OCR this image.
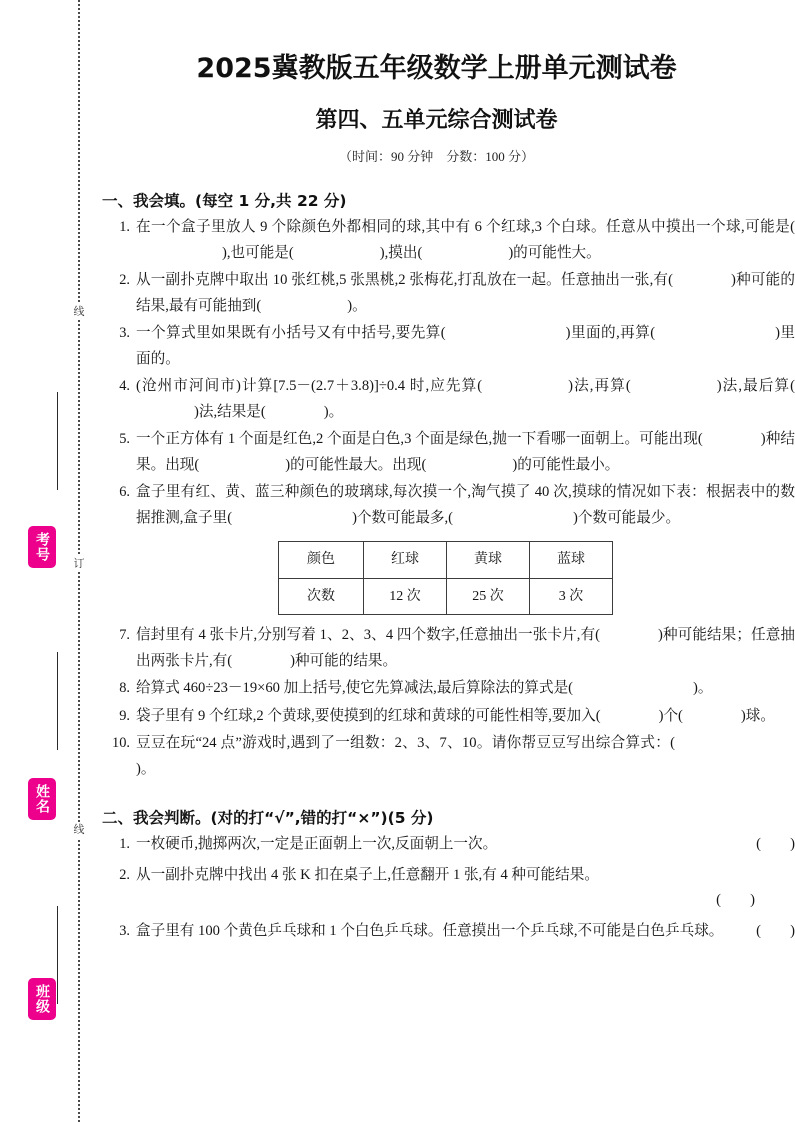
线
订
线
考号
姓名
班级
2025冀教版五年级数学上册单元测试卷
第四、五单元综合测试卷
（时间：90 分钟　分数：100 分）
一、我会填。(每空 1 分,共 22 分)
1. 在一个盒子里放人 9 个除颜色外都相同的球,其中有 6 个红球,3 个白球。任意从中摸出一个球,可能是(),也可能是(	),摸出(	)的可能性大。
2. 从一副扑克牌中取出 10 张红桃,5 张黑桃,2 张梅花,打乱放在一起。任意抽出一张,有(	)种可能的结果,最有可能抽到(	)。
3. 一个算式里如果既有小括号又有中括号,要先算(	)里面的,再算(	)里面的。
4. (沧州市河间市)计算[7.5－(2.7＋3.8)]÷0.4 时,应先算(	)法,再算(	)法,最后算()法,结果是(	)。
5. 一个正方体有 1 个面是红色,2 个面是白色,3 个面是绿色,抛一下看哪一面朝上。可能出现(	)种结果。出现(	)的可能性最大。出现(	)的可能性最小。
6. 盒子里有红、黄、蓝三种颜色的玻璃球,每次摸一个,淘气摸了 40 次,摸球的情况如下表：根据表中的数据推测,盒子里(	)个数可能最多,(	)个数可能最少。
颜色	红球	黄球	蓝球
次数	12 次	25 次	3 次
7. 信封里有 4 张卡片,分别写着 1、2、3、4 四个数字,任意抽出一张卡片,有(	)种可能结果；任意抽出两张卡片,有(	)种可能的结果。
8. 给算式 460÷23－19×60 加上括号,使它先算减法,最后算除法的算式是(	)。
9. 袋子里有 9 个红球,2 个黄球,要使摸到的红球和黄球的可能性相等,要加入(	)个(	)球。
10. 豆豆在玩“24 点”游戏时,遇到了一组数：2、3、7、10。请你帮豆豆写出综合算式：()。
二、我会判断。(对的打“√”,错的打“×”)(5 分)
1.	(　　)
一枚硬币,抛掷两次,一定是正面朝上一次,反面朝上一次。
2. 从一副扑克牌中找出 4 张 K 扣在桌子上,任意翻开 1 张,有 4 种可能结果。
(　　)
3.	(　　)
盒子里有 100 个黄色乒乓球和 1 个白色乒乓球。任意摸出一个乒乓球,不可能是白色乒乓球。
